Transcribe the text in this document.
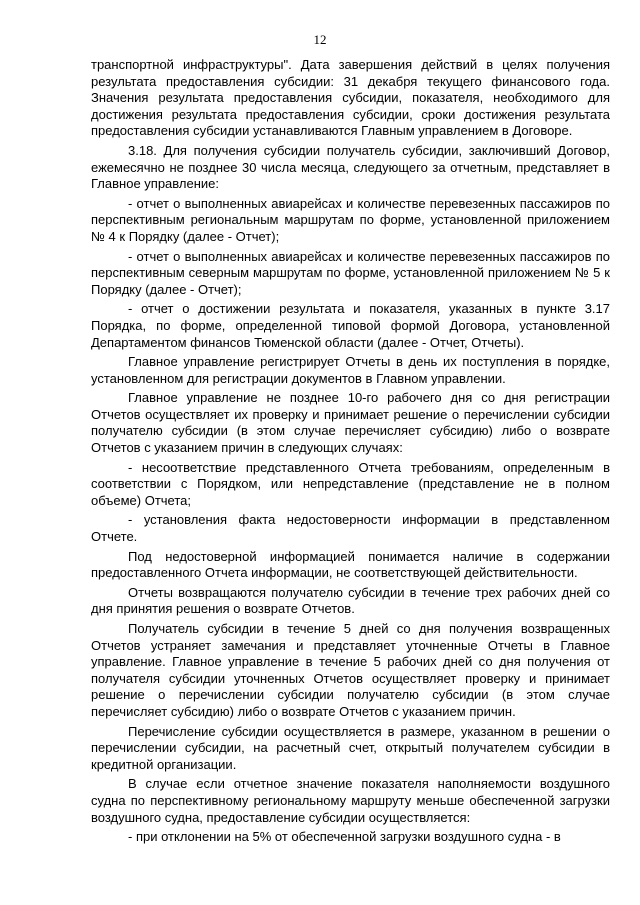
12

транспортной инфраструктуры". Дата завершения действий в целях получения результата предоставления субсидии: 31 декабря текущего финансового года. Значения результата предоставления субсидии, показателя, необходимого для достижения результата предоставления субсидии, сроки достижения результата предоставления субсидии устанавливаются Главным управлением в Договоре.

3.18. Для получения субсидии получатель субсидии, заключивший Договор, ежемесячно не позднее 30 числа месяца, следующего за отчетным, представляет в Главное управление:

- отчет о выполненных авиарейсах и количестве перевезенных пассажиров по перспективным региональным маршрутам по форме, установленной приложением № 4 к Порядку (далее - Отчет);

- отчет о выполненных авиарейсах и количестве перевезенных пассажиров по перспективным северным маршрутам по форме, установленной приложением № 5 к Порядку (далее - Отчет);

- отчет о достижении результата и показателя, указанных в пункте 3.17 Порядка, по форме, определенной типовой формой Договора, установленной Департаментом финансов Тюменской области (далее - Отчет, Отчеты).

Главное управление регистрирует Отчеты в день их поступления в порядке, установленном для регистрации документов в Главном управлении.

Главное управление не позднее 10-го рабочего дня со дня регистрации Отчетов осуществляет их проверку и принимает решение о перечислении субсидии получателю субсидии (в этом случае перечисляет субсидию) либо о возврате Отчетов с указанием причин в следующих случаях:

- несоответствие представленного Отчета требованиям, определенным в соответствии с Порядком, или непредставление (представление не в полном объеме) Отчета;

- установления факта недостоверности информации в представленном Отчете.

Под недостоверной информацией понимается наличие в содержании предоставленного Отчета информации, не соответствующей действительности.

Отчеты возвращаются получателю субсидии в течение трех рабочих дней со дня принятия решения о возврате Отчетов.

Получатель субсидии в течение 5 дней со дня получения возвращенных Отчетов устраняет замечания и представляет уточненные Отчеты в Главное управление. Главное управление в течение 5 рабочих дней со дня получения от получателя субсидии уточненных Отчетов осуществляет проверку и принимает решение о перечислении субсидии получателю субсидии (в этом случае перечисляет субсидию) либо о возврате Отчетов с указанием причин.

Перечисление субсидии осуществляется в размере, указанном в решении о перечислении субсидии, на расчетный счет, открытый получателем субсидии в кредитной организации.

В случае если отчетное значение показателя наполняемости воздушного судна по перспективному региональному маршруту меньше обеспеченной загрузки воздушного судна, предоставление субсидии осуществляется:

- при отклонении на 5% от обеспеченной загрузки воздушного судна - в
